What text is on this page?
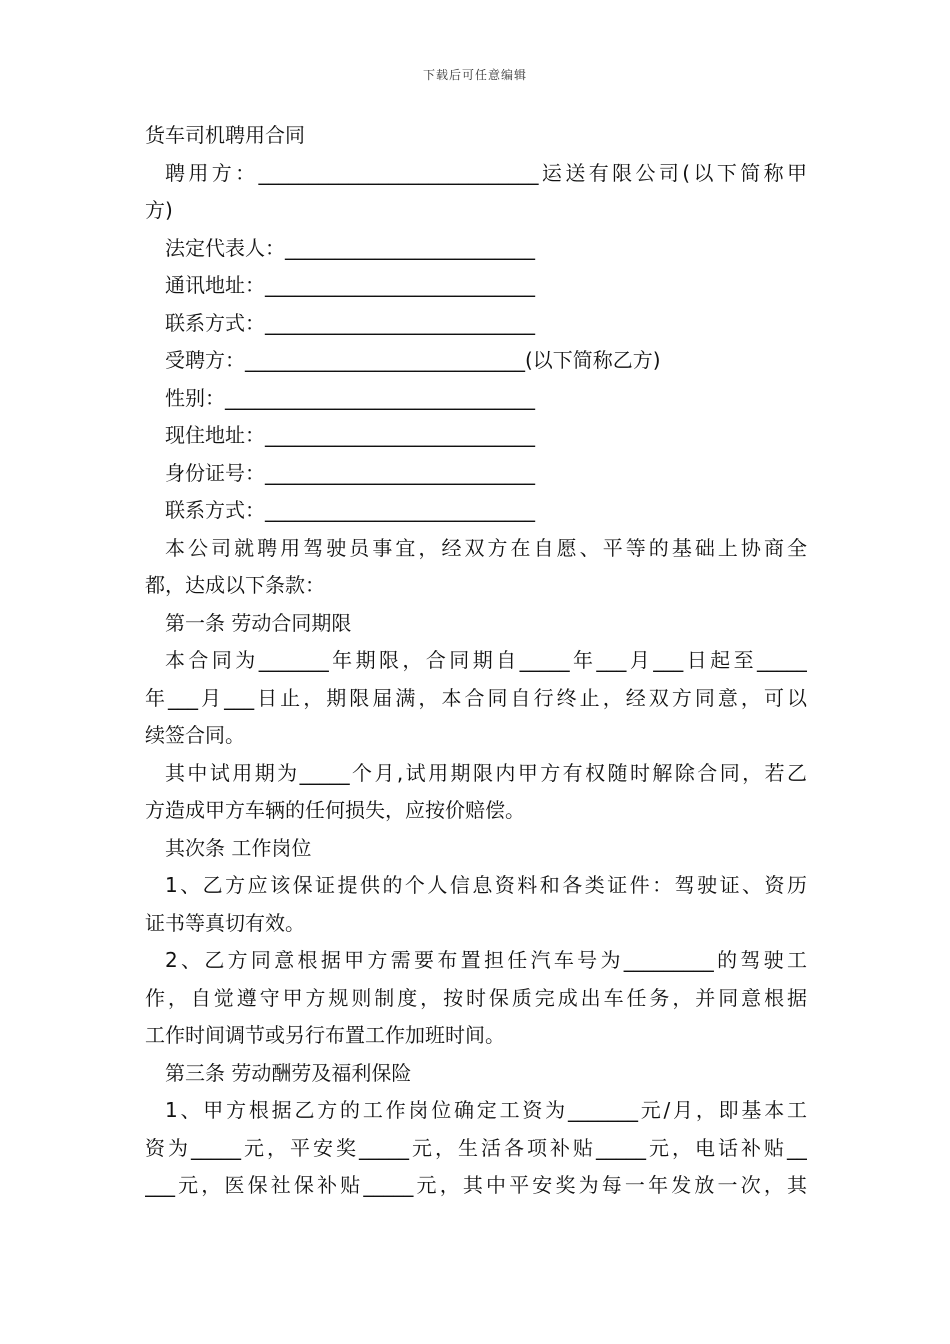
下载后可任意编辑
货车司机聘用合同
聘用方：____________________________运送有限公司(以下简称甲
方)
法定代表人：_________________________
通讯地址：___________________________
联系方式：___________________________
受聘方：____________________________(以下简称乙方)
性别：_______________________________
现住地址：___________________________
身份证号：___________________________
联系方式：___________________________
本公司就聘用驾驶员事宜，经双方在自愿、平等的基础上协商全
都，达成以下条款：
第一条 劳动合同期限
本合同为_______年期限，合同期自_____年___月___日起至_____
年___月___日止，期限届满，本合同自行终止，经双方同意，可以
续签合同。
其中试用期为_____个月,试用期限内甲方有权随时解除合同，若乙
方造成甲方车辆的任何损失，应按价赔偿。
其次条 工作岗位
1、乙方应该保证提供的个人信息资料和各类证件：驾驶证、资历
证书等真切有效。
2、乙方同意根据甲方需要布置担任汽车号为_________的驾驶工
作，自觉遵守甲方规则制度，按时保质完成出车任务，并同意根据
工作时间调节或另行布置工作加班时间。
第三条 劳动酬劳及福利保险
1、甲方根据乙方的工作岗位确定工资为_______元/月，即基本工
资为_____元，平安奖_____元，生活各项补贴_____元，电话补贴__
___元，医保社保补贴_____元，其中平安奖为每一年发放一次，其
